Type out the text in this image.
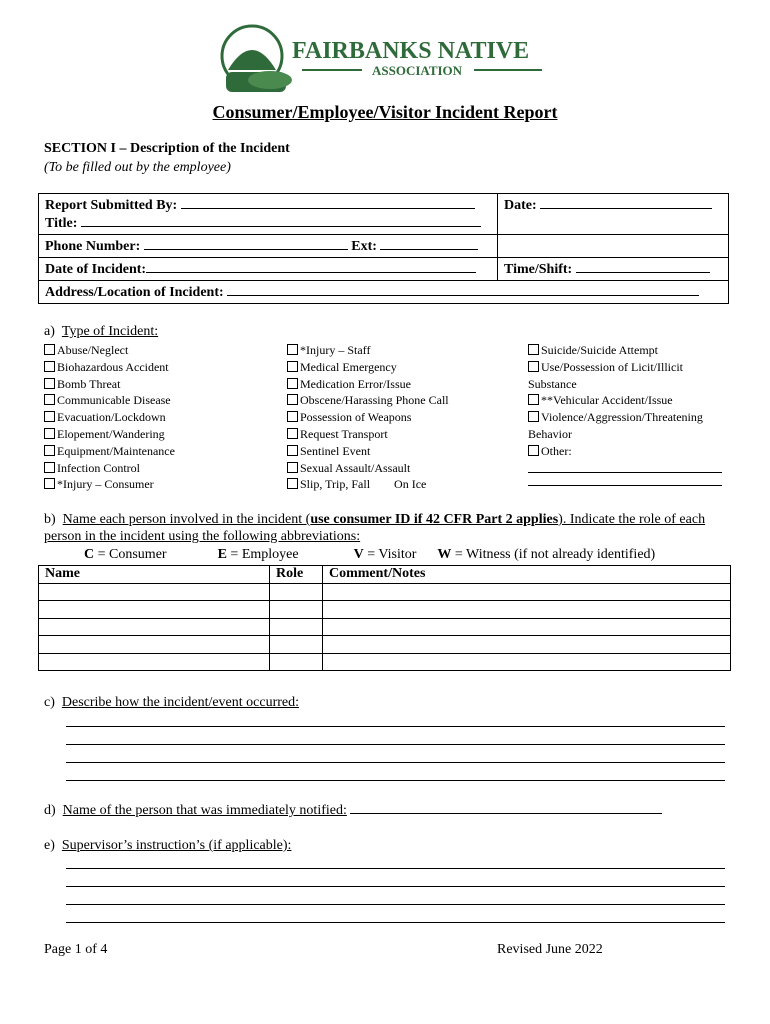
FAIRBANKS NATIVE
ASSOCIATION
Consumer/Employee/Visitor Incident Report
SECTION I – Description of the Incident
(To be filled out by the employee)
Report Submitted By:
Title:	Date:
Phone Number: Ext:	
Date of Incident:	Time/Shift:
Address/Location of Incident:	
a) Type of Incident:
Abuse/Neglect
Biohazardous Accident
Bomb Threat
Communicable Disease
Evacuation/Lockdown
Elopement/Wandering
Equipment/Maintenance
Infection Control
*Injury – Consumer
*Injury – Staff
Medical Emergency
Medication Error/Issue
Obscene/Harassing Phone Call
Possession of Weapons
Request Transport
Sentinel Event
Sexual Assault/Assault
Slip, Trip, Fall        On Ice
Suicide/Suicide Attempt
Use/Possession of Licit/Illicit Substance
**Vehicular Accident/Issue
Violence/Aggression/Threatening Behavior
Other:
b) Name each person involved in the incident (use consumer ID if 42 CFR Part 2 applies). Indicate the role of each person in the incident using the following abbreviations:
C = Consumer	E = Employee	V = Visitor W = Witness (if not already identified)
Name	Role	Comment/Notes

c) Describe how the incident/event occurred:
d) Name of the person that was immediately notified:
e) Supervisor’s instruction’s (if applicable):
Page 1 of 4	Revised June 2022
